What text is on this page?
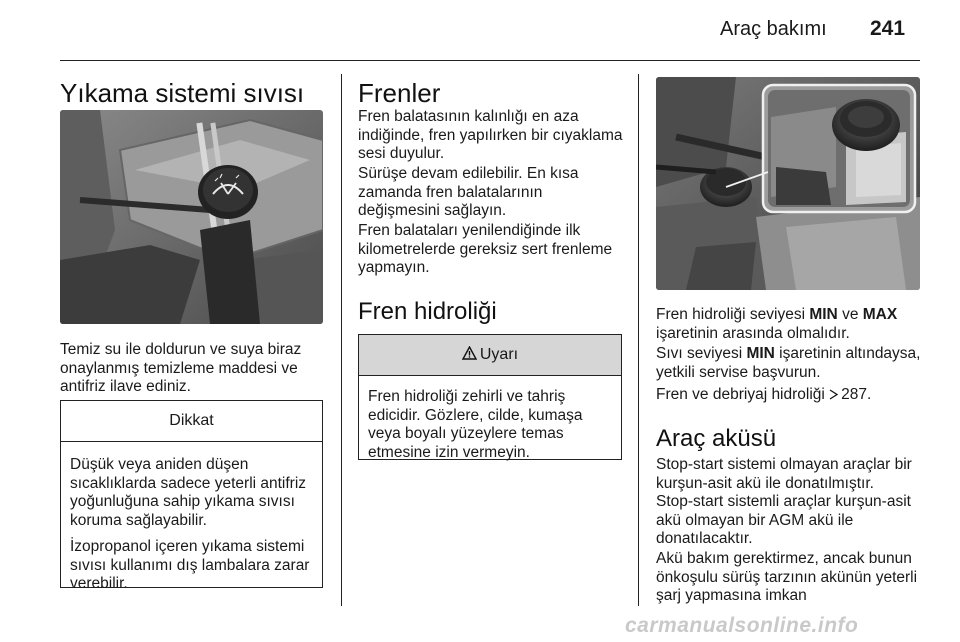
Araç bakımı 241
Yıkama sistemi sıvısı

Temiz su ile doldurun ve suya biraz onaylanmış temizleme maddesi ve antifriz ilave ediniz.

Dikkat

Düşük veya aniden düşen sıcaklıklarda sadece yeterli antifriz yoğunluğuna sahip yıkama sıvısı koruma sağlayabilir.

İzopropanol içeren yıkama sistemi sıvısı kullanımı dış lambalara zarar verebilir.

Frenler

Fren balatasının kalınlığı en aza indiğinde, fren yapılırken bir cıyaklama sesi duyulur.

Sürüşe devam edilebilir. En kısa zamanda fren balatalarının değişmesini sağlayın.

Fren balataları yenilendiğinde ilk kilometrelerde gereksiz sert frenleme yapmayın.

Fren hidroliği
Uyarı

Fren hidroliği zehirli ve tahriş edicidir. Gözlere, cilde, kumaşa veya boyalı yüzeylere temas etmesine izin vermeyin.

Fren hidroliği seviyesi MIN ve MAX işaretinin arasında olmalıdır.

Sıvı seviyesi MIN işaretinin altındaysa, yetkili servise başvurun.

Fren ve debriyaj hidroliği 287.

Araç aküsü

Stop-start sistemi olmayan araçlar bir kurşun-asit akü ile donatılmıştır.

Stop-start sistemli araçlar kurşun-asit akü olmayan bir AGM akü ile donatılacaktır.

Akü bakım gerektirmez, ancak bunun önkoşulu sürüş tarzının akünün yeterli şarj yapmasına imkan

carmanualsonline.info
